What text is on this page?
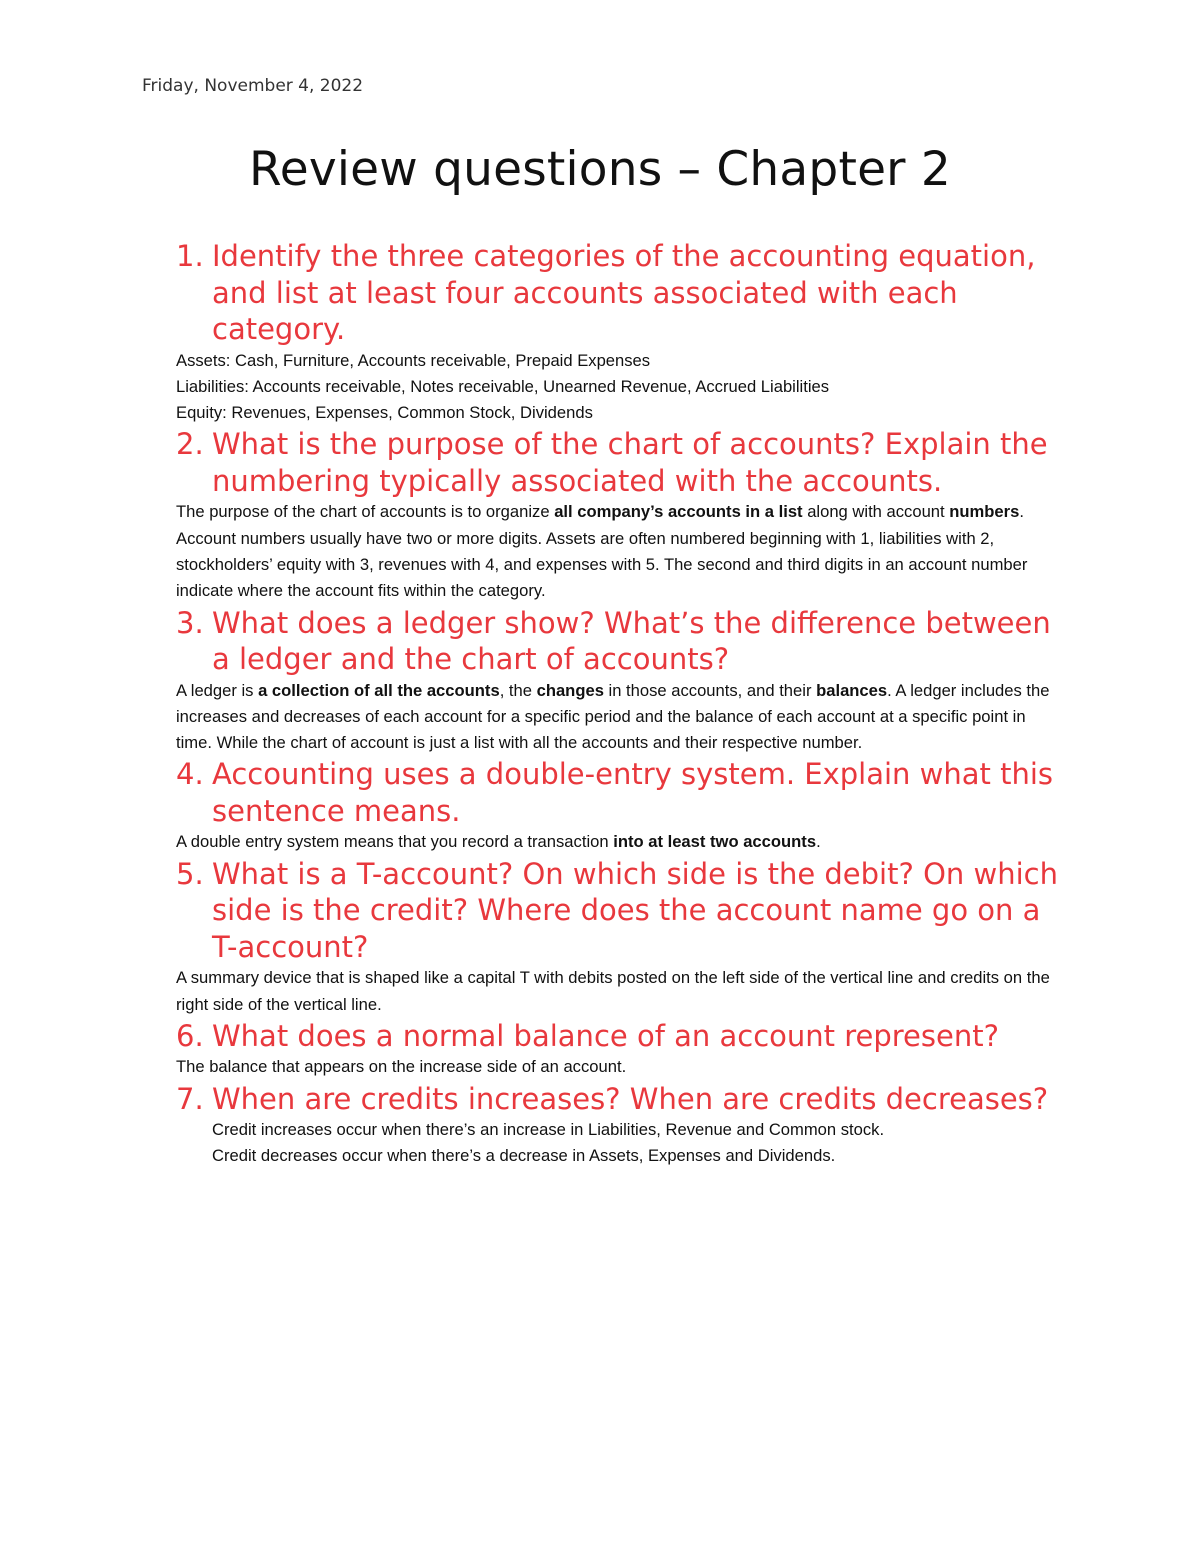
Friday, November 4, 2022
Review questions – Chapter 2
1. Identify the three categories of the accounting equation, and list at least four accounts associated with each category.

Assets: Cash, Furniture, Accounts receivable, Prepaid Expenses

Liabilities: Accounts receivable, Notes receivable, Unearned Revenue, Accrued Liabilities

Equity: Revenues, Expenses, Common Stock, Dividends

2. What is the purpose of the chart of accounts? Explain the numbering typically associated with the accounts.

The purpose of the chart of accounts is to organize all company’s accounts in a list along with account numbers. Account numbers usually have two or more digits. Assets are often numbered beginning with 1, liabilities with 2, stockholders’ equity with 3, revenues with 4, and expenses with 5. The second and third digits in an account number indicate where the account fits within the category.

3. What does a ledger show? What’s the difference between a ledger and the chart of accounts?

A ledger is a collection of all the accounts, the changes in those accounts, and their balances. A ledger includes the increases and decreases of each account for a specific period and the balance of each account at a specific point in time. While the chart of account is just a list with all the accounts and their respective number.

4. Accounting uses a double-entry system. Explain what this sentence means.

A double entry system means that you record a transaction into at least two accounts.

5. What is a T-account? On which side is the debit? On which side is the credit? Where does the account name go on a T-account?

A summary device that is shaped like a capital T with debits posted on the left side of the vertical line and credits on the right side of the vertical line.

6. What does a normal balance of an account represent?

The balance that appears on the increase side of an account.

7. When are credits increases? When are credits decreases?

Credit increases occur when there’s an increase in Liabilities, Revenue and Common stock.

Credit decreases occur when there’s a decrease in Assets, Expenses and Dividends.
